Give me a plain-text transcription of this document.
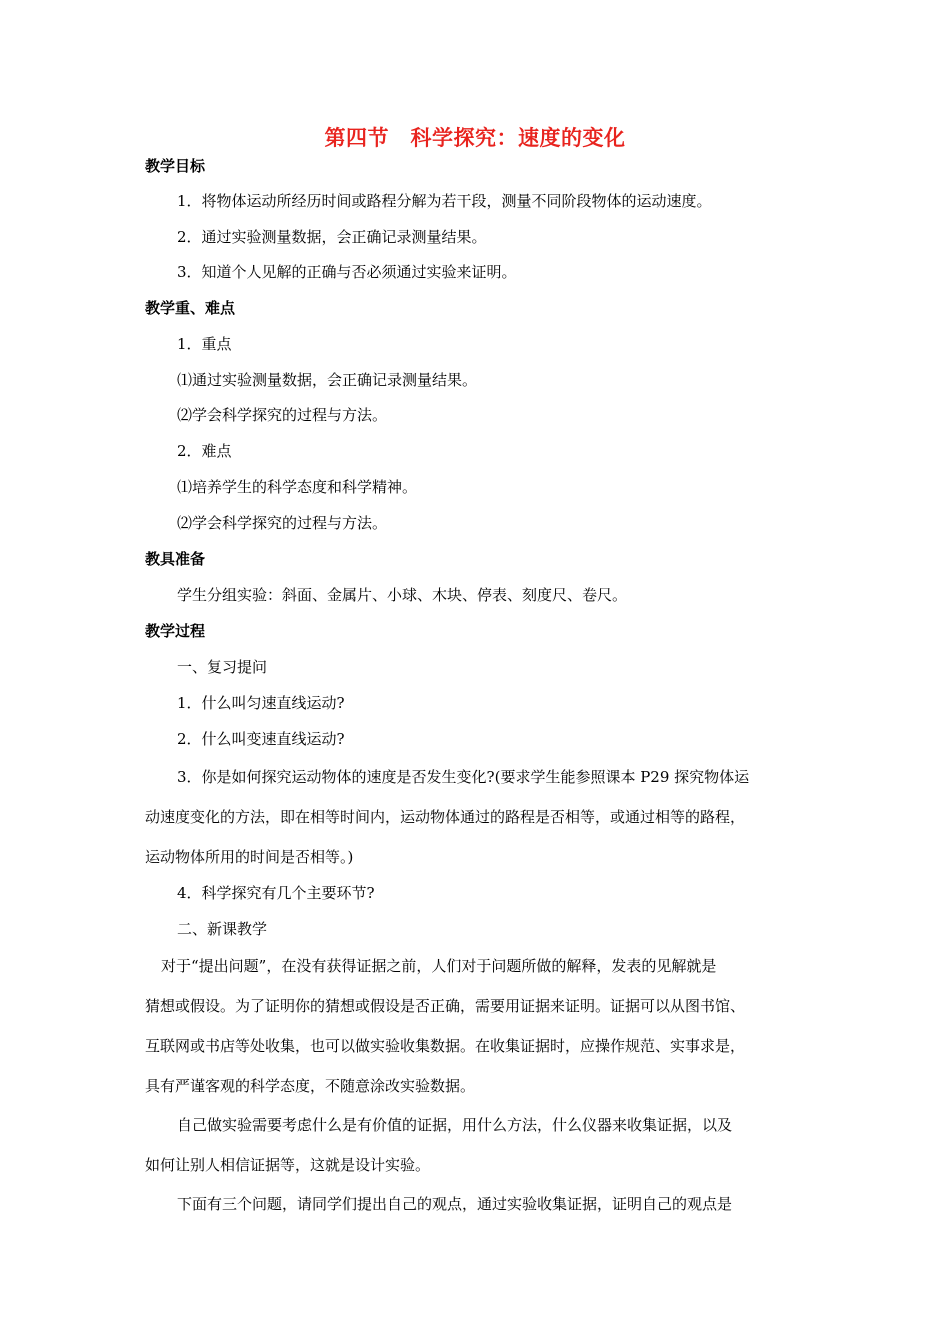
第四节　科学探究：速度的变化
教学目标
1．将物体运动所经历时间或路程分解为若干段，测量不同阶段物体的运动速度。
2．通过实验测量数据，会正确记录测量结果。
3．知道个人见解的正确与否必须通过实验来证明。
教学重、难点
1．重点
⑴通过实验测量数据，会正确记录测量结果。
⑵学会科学探究的过程与方法。
2．难点
⑴培养学生的科学态度和科学精神。
⑵学会科学探究的过程与方法。
教具准备
学生分组实验：斜面、金属片、小球、木块、停表、刻度尺、卷尺。
教学过程
一、复习提问
1．什么叫匀速直线运动?
2．什么叫变速直线运动?
3．你是如何探究运动物体的速度是否发生变化?(要求学生能参照课本 P29 探究物体运
动速度变化的方法，即在相等时间内，运动物体通过的路程是否相等，或通过相等的路程，
运动物体所用的时间是否相等。)
4．科学探究有几个主要环节?
二、新课教学
对于“提出问题”，在没有获得证据之前，人们对于问题所做的解释，发表的见解就是
猜想或假设。为了证明你的猜想或假设是否正确，需要用证据来证明。证据可以从图书馆、
互联网或书店等处收集，也可以做实验收集数据。在收集证据时，应操作规范、实事求是，
具有严谨客观的科学态度，不随意涂改实验数据。
自己做实验需要考虑什么是有价值的证据，用什么方法，什么仪器来收集证据，以及
如何让别人相信证据等，这就是设计实验。
下面有三个问题，请同学们提出自己的观点，通过实验收集证据，证明自己的观点是
